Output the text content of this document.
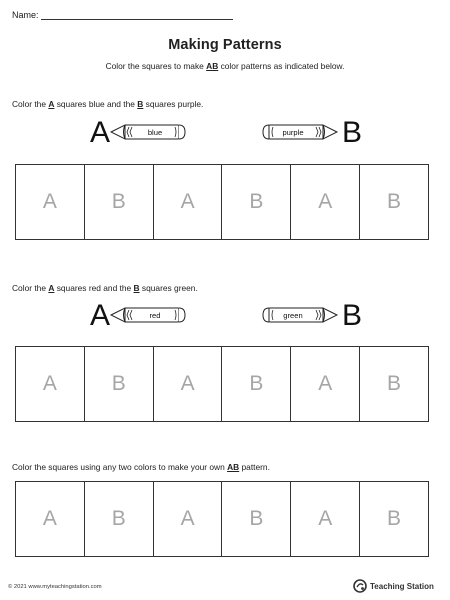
Name:
Making Patterns
Color the squares to make AB color patterns as indicated below.
Color the A squares blue and the B squares purple.
A	blue	purple B
A	B	A	B	A	B
Color the A squares red and the B squares green.
A	red	green	B
A	B	A	B	A	B
Color the squares using any two colors to make your own AB pattern.
A	B	A	B	A	B
© 2021 www.myteachingstation.com	Teaching Station
